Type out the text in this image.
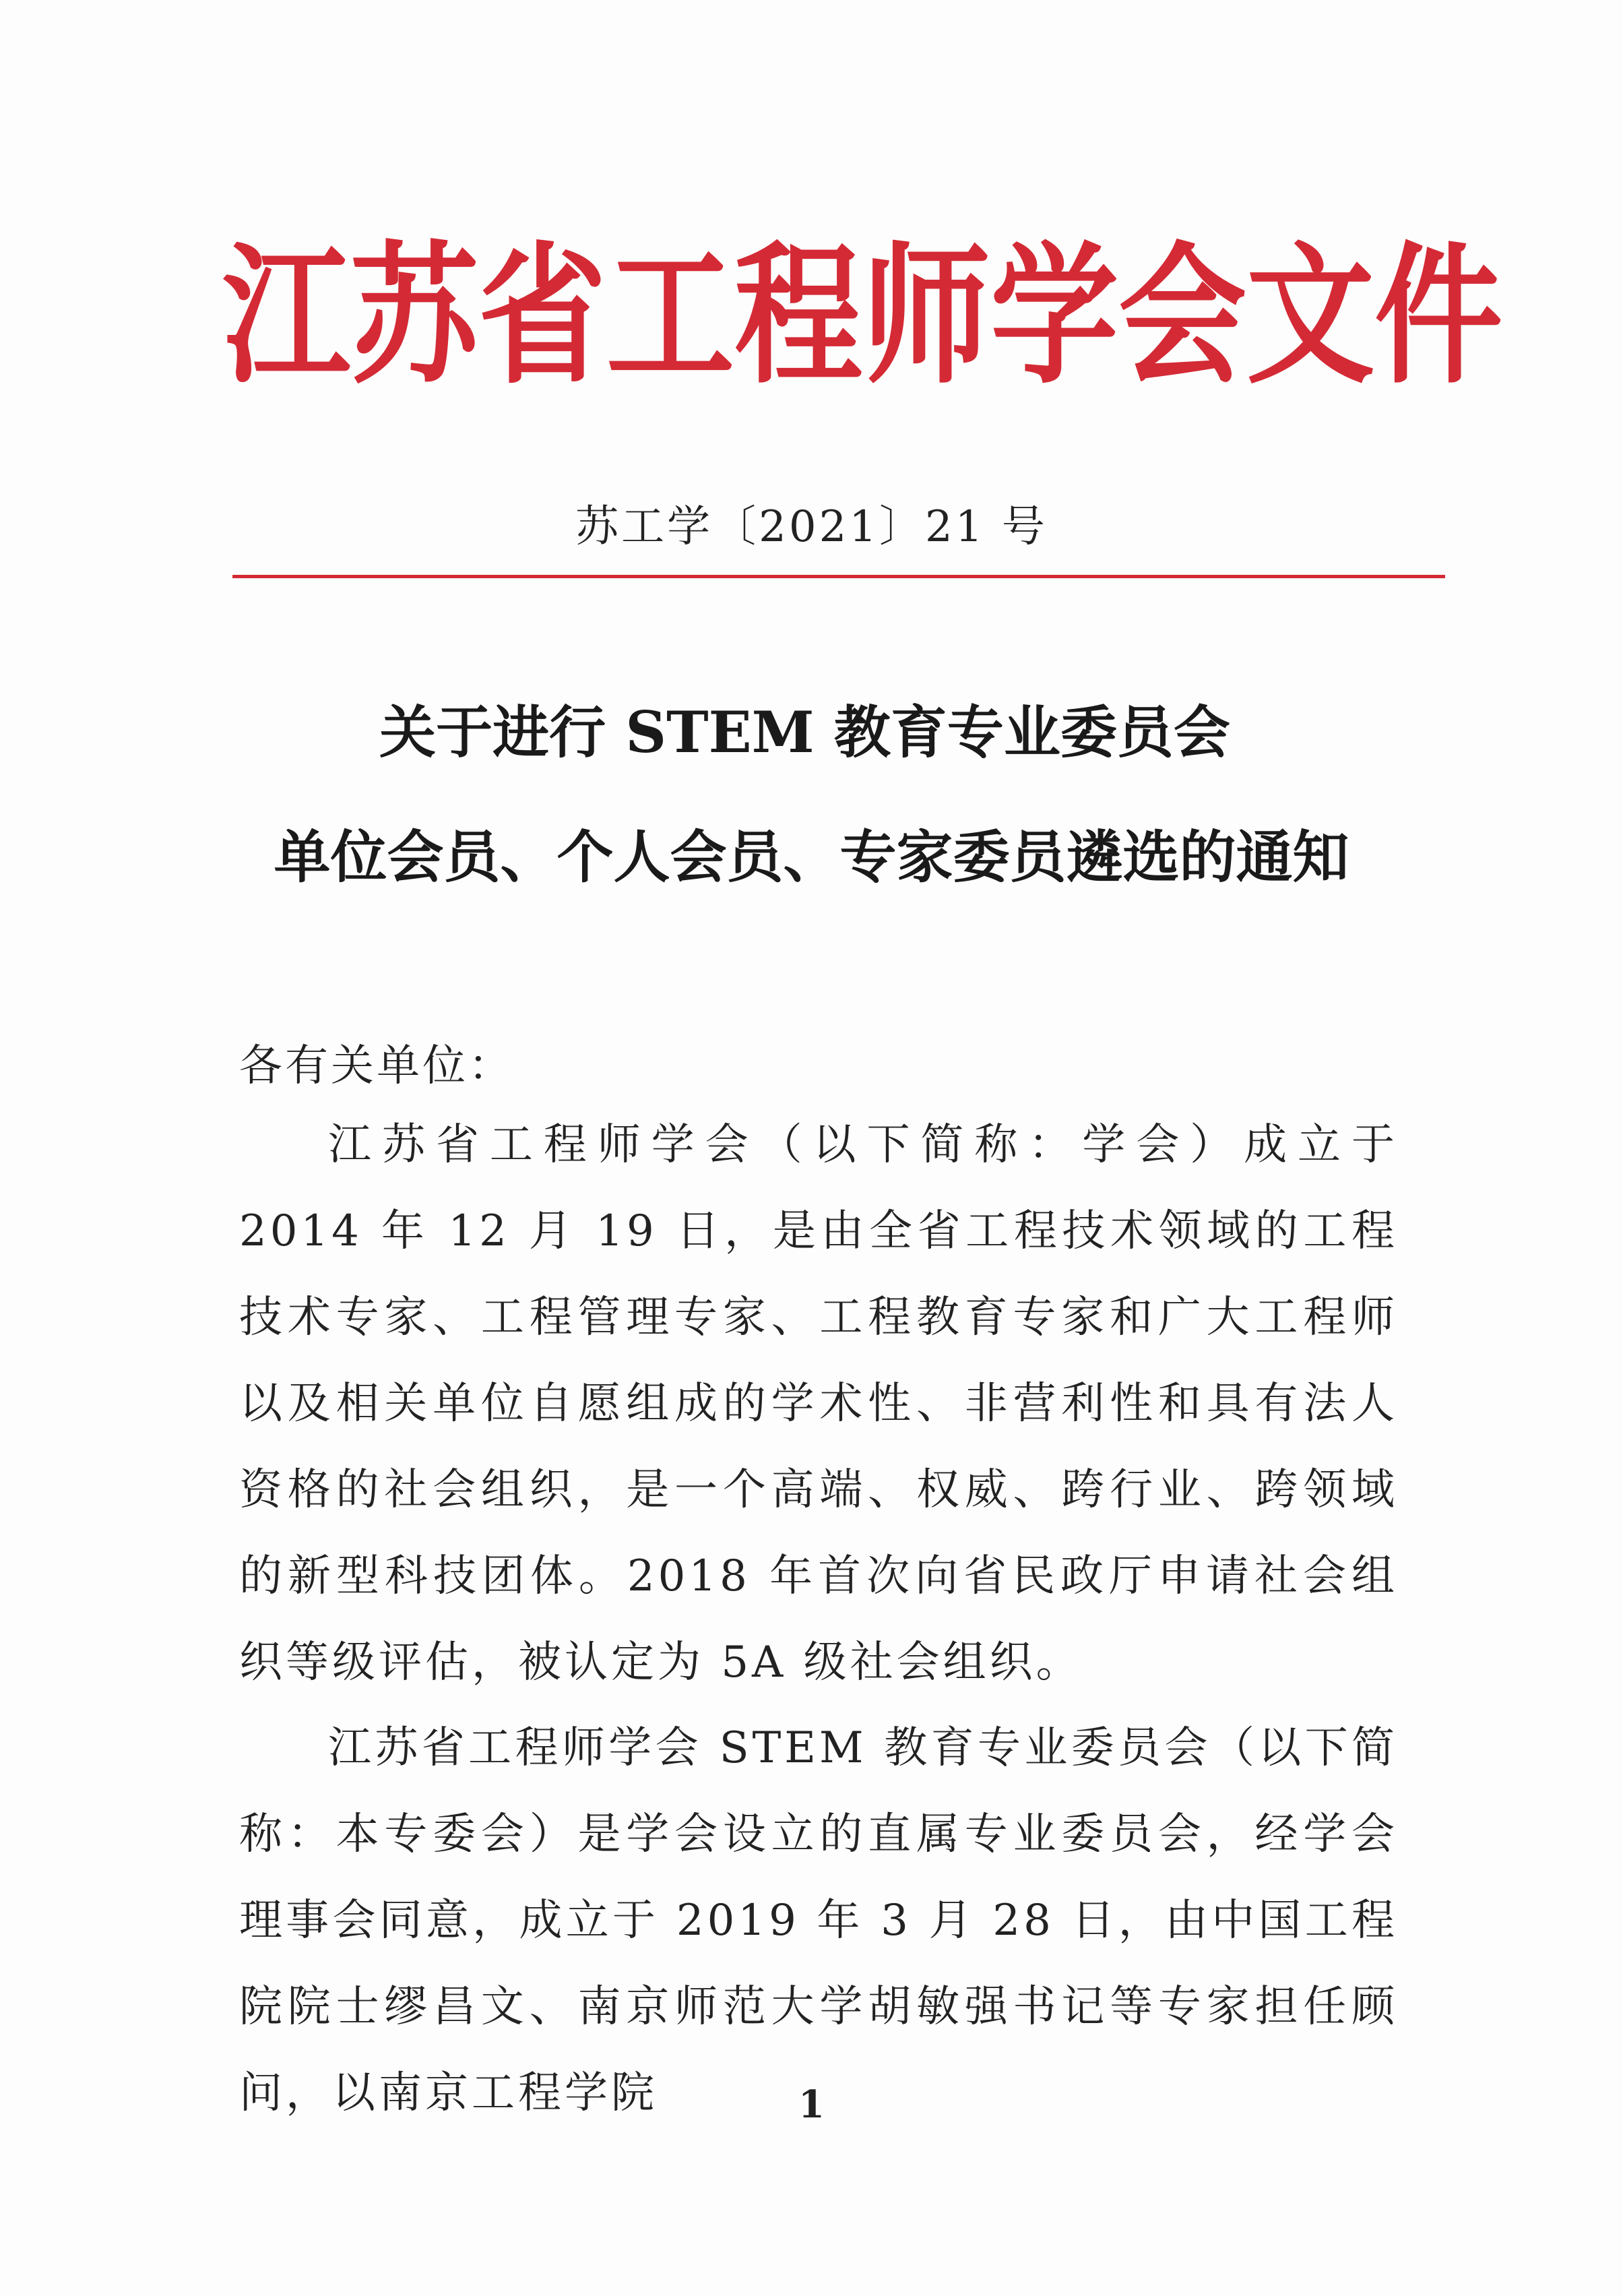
江 苏 省 工 程 师 学 会 文 件
苏工学〔2021〕21 号
关于进行 STEM 教育专业委员会
单位会员、个人会员、专家委员遴选的通知
各有关单位：
江苏省工程师学会（以下简称：学会）成立于 2014 年 12 月 19 日，是由全省工程技术领域的工程技术专家、工程管理专家、工程教育专家和广大工程师以及相关单位自愿组成的学术性、非营利性和具有法人资格的社会组织，是一个高端、权威、跨行业、跨领域的新型科技团体。2018 年首次向省民政厅申请社会组织等级评估，被认定为 5A 级社会组织。
江苏省工程师学会 STEM 教育专业委员会（以下简称：本专委会）是学会设立的直属专业委员会，经学会理事会同意，成立于 2019 年 3 月 28 日，由中国工程院院士缪昌文、南京师范大学胡敏强书记等专家担任顾问，以南京工程学院	1
